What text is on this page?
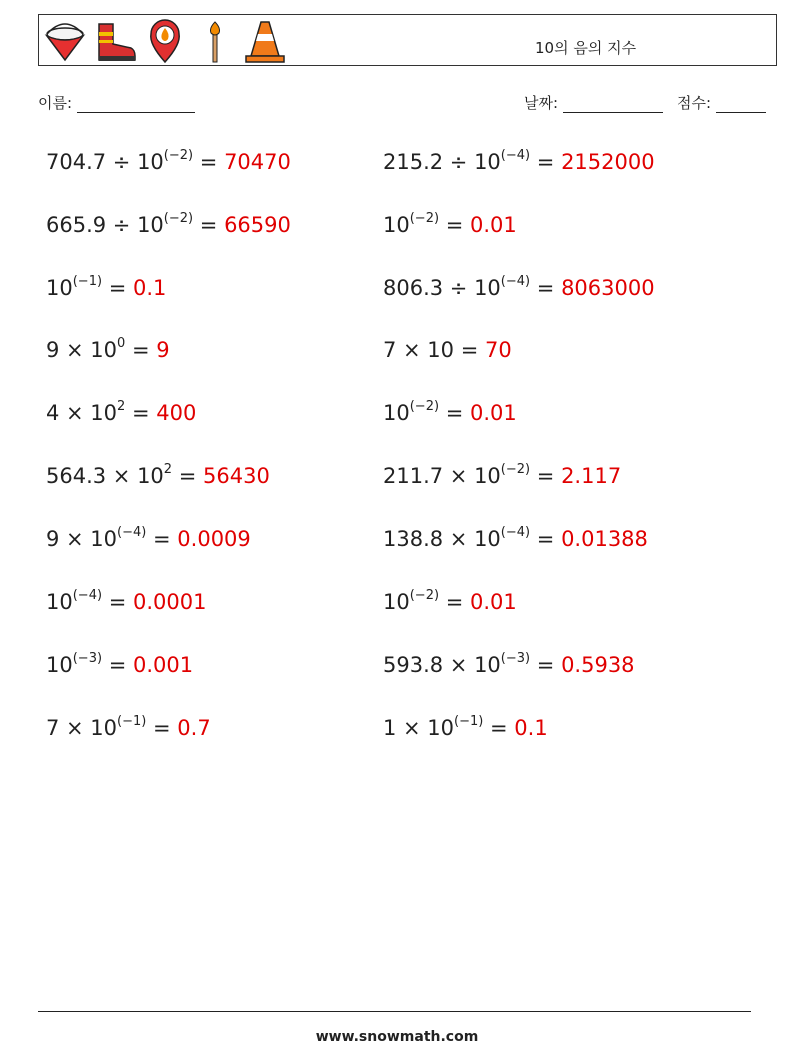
10의 음의 지수
이름:	날짜:	점수:
$704.7 \div 10^{(-2)} = 70470$	$215.2 \div 10^{(-4)} = 2152000$
$665.9 \div 10^{(-2)} = 66590$	$10^{(-2)} = 0.01$
$10^{(-1)} = 0.1$	$806.3 \div 10^{(-4)} = 8063000$
$9 \times 10^0 = 9$	7 × 10 = 70
$4 \times 10^2 = 400$	$10^{(-2)} = 0.01$
$564.3 \times 10^2 = 56430$	$211.7 \times 10^{(-2)} = 2.117$
$9 \times 10^{(-4)} = 0.0009$	$138.8 \times 10^{(-4)} = 0.01388$
$10^{(-4)} = 0.0001$	$10^{(-2)} = 0.01$
$10^{(-3)} = 0.001$	$593.8 \times 10^{(-3)} = 0.5938$
$7 \times 10^{(-1)} = 0.7$	$1 \times 10^{(-1)} = 0.1$
www.snowmath.com
